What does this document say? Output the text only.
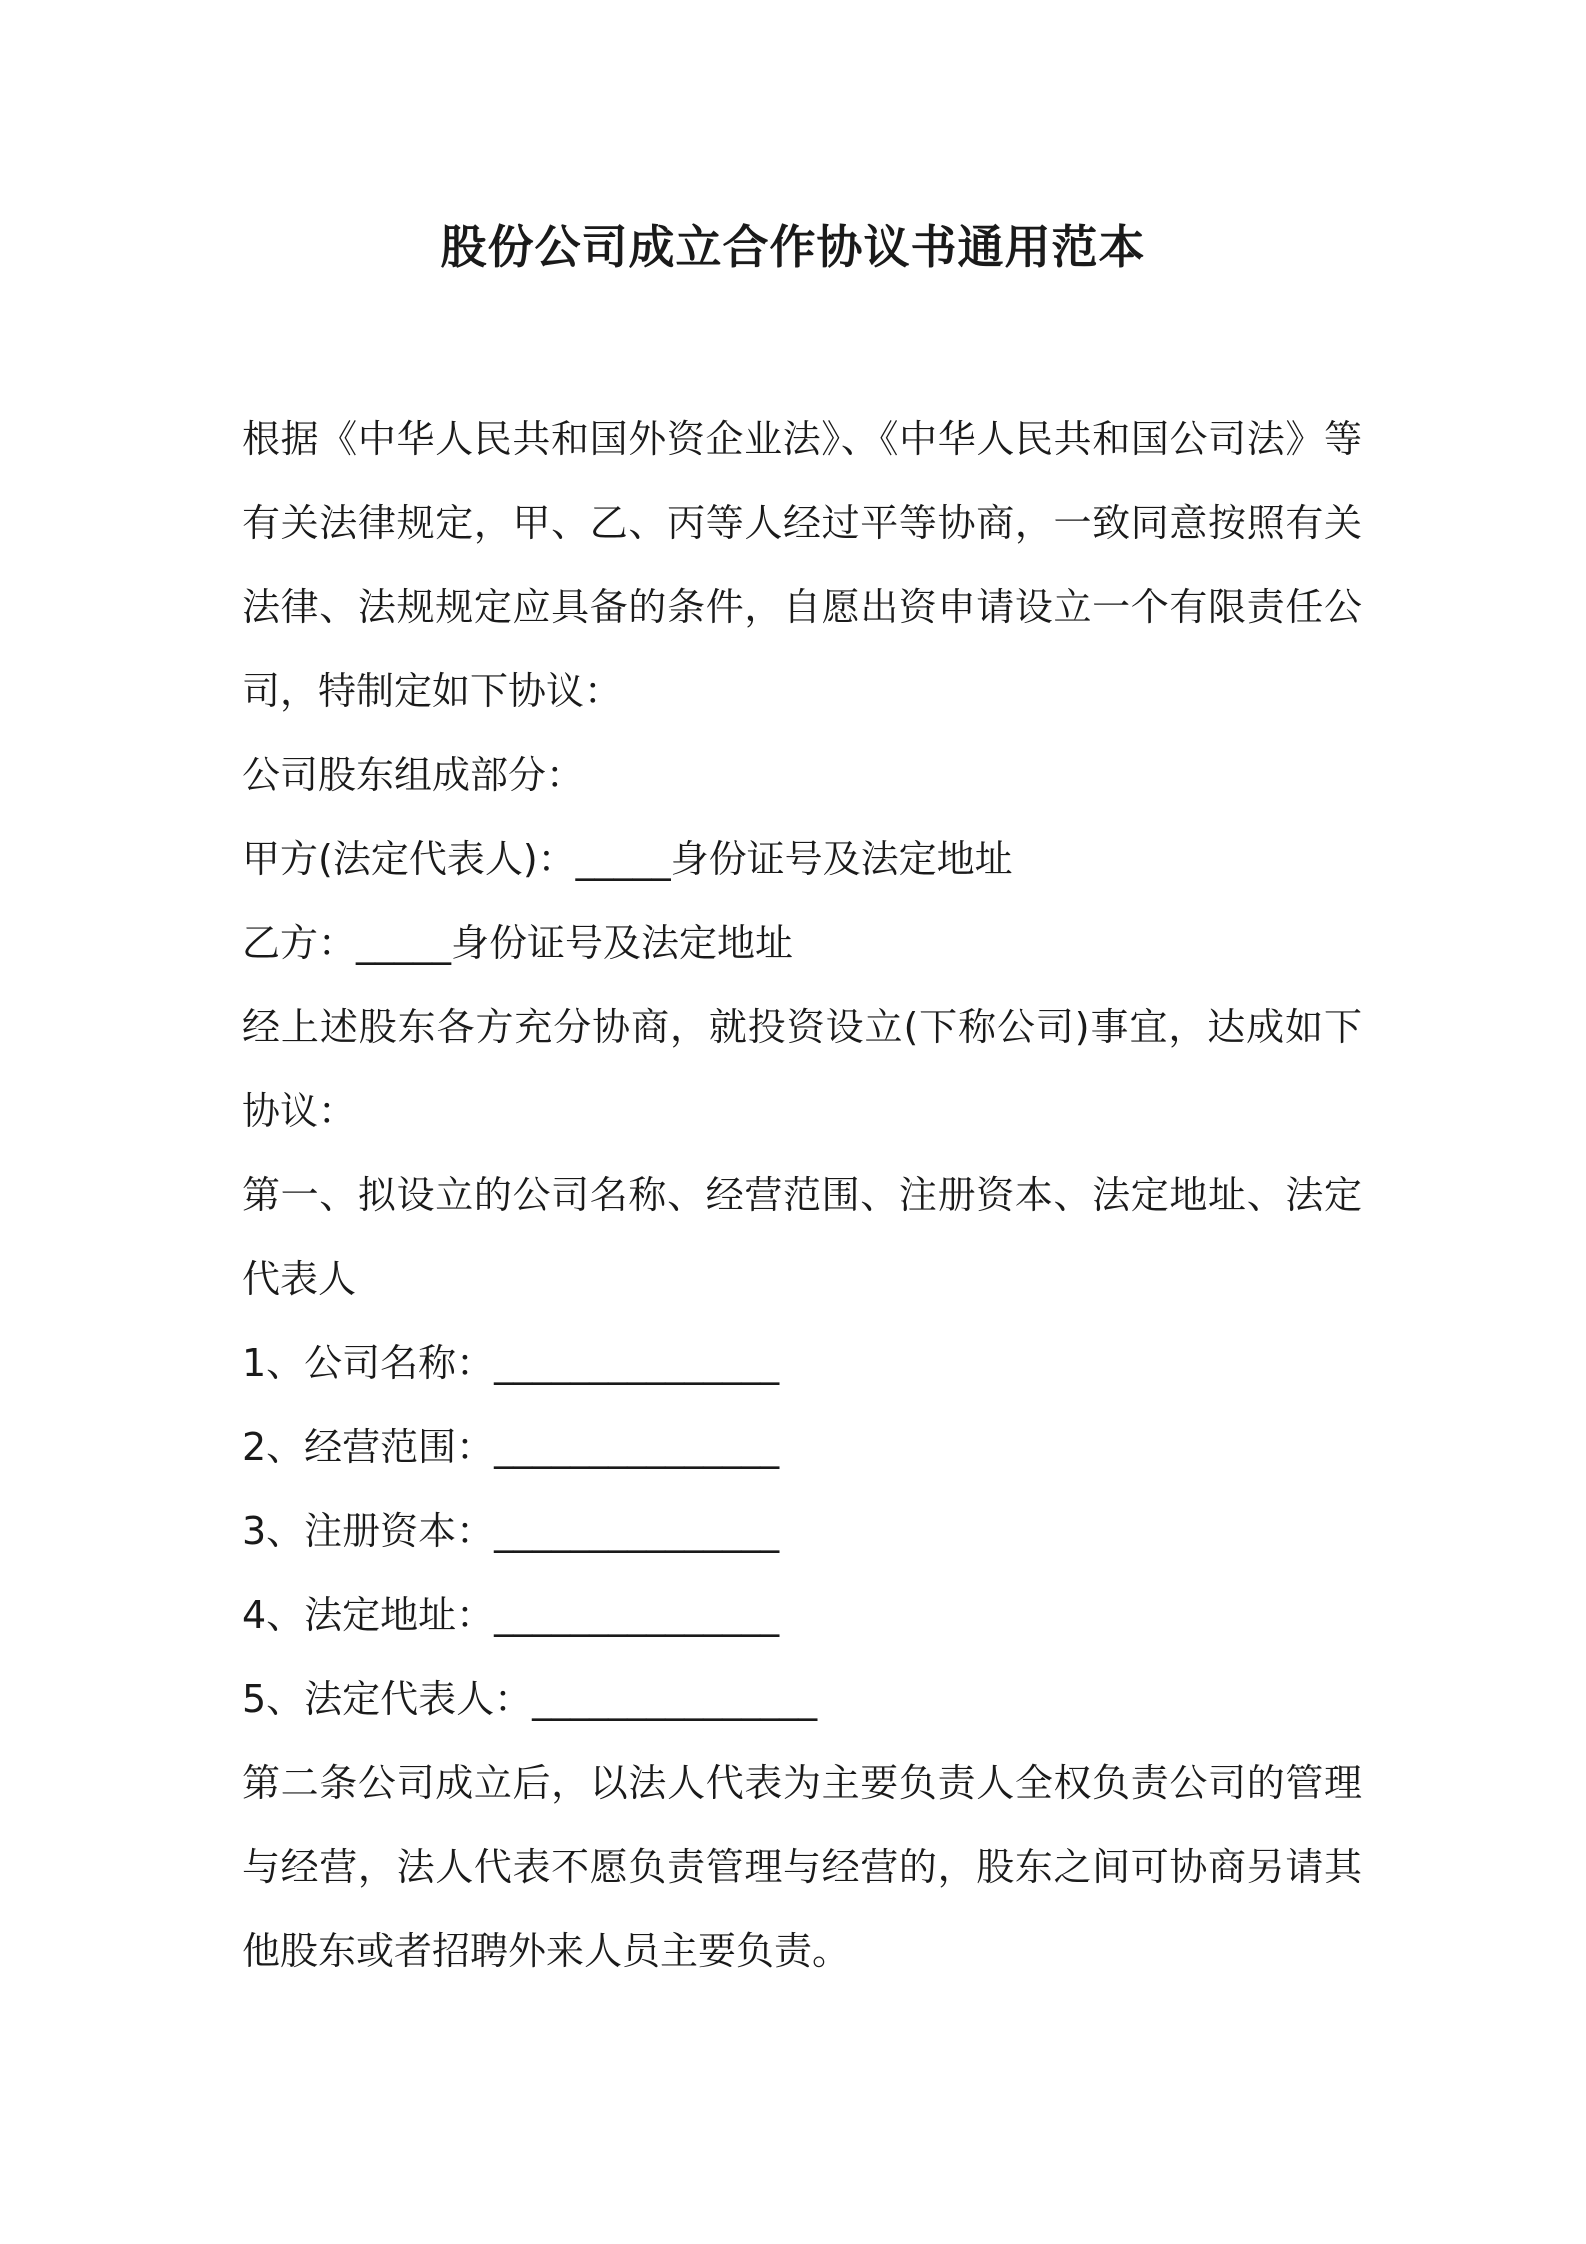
股份公司成立合作协议书通用范本

根据《中华人民共和国外资企业法》、《中华人民共和国公司法》等有关法律规定，甲、乙、丙等人经过平等协商，一致同意按照有关法律、法规规定应具备的条件，自愿出资申请设立一个有限责任公司，特制定如下协议：

公司股东组成部分：

甲方(法定代表人)：_____身份证号及法定地址

乙方：_____身份证号及法定地址

经上述股东各方充分协商，就投资设立(下称公司)事宜，达成如下协议：

第一、拟设立的公司名称、经营范围、注册资本、法定地址、法定代表人

1、公司名称：_______________

2、经营范围：_______________

3、注册资本：_______________

4、法定地址：_______________

5、法定代表人：_______________

第二条公司成立后，以法人代表为主要负责人全权负责公司的管理与经营，法人代表不愿负责管理与经营的，股东之间可协商另请其他股东或者招聘外来人员主要负责。
